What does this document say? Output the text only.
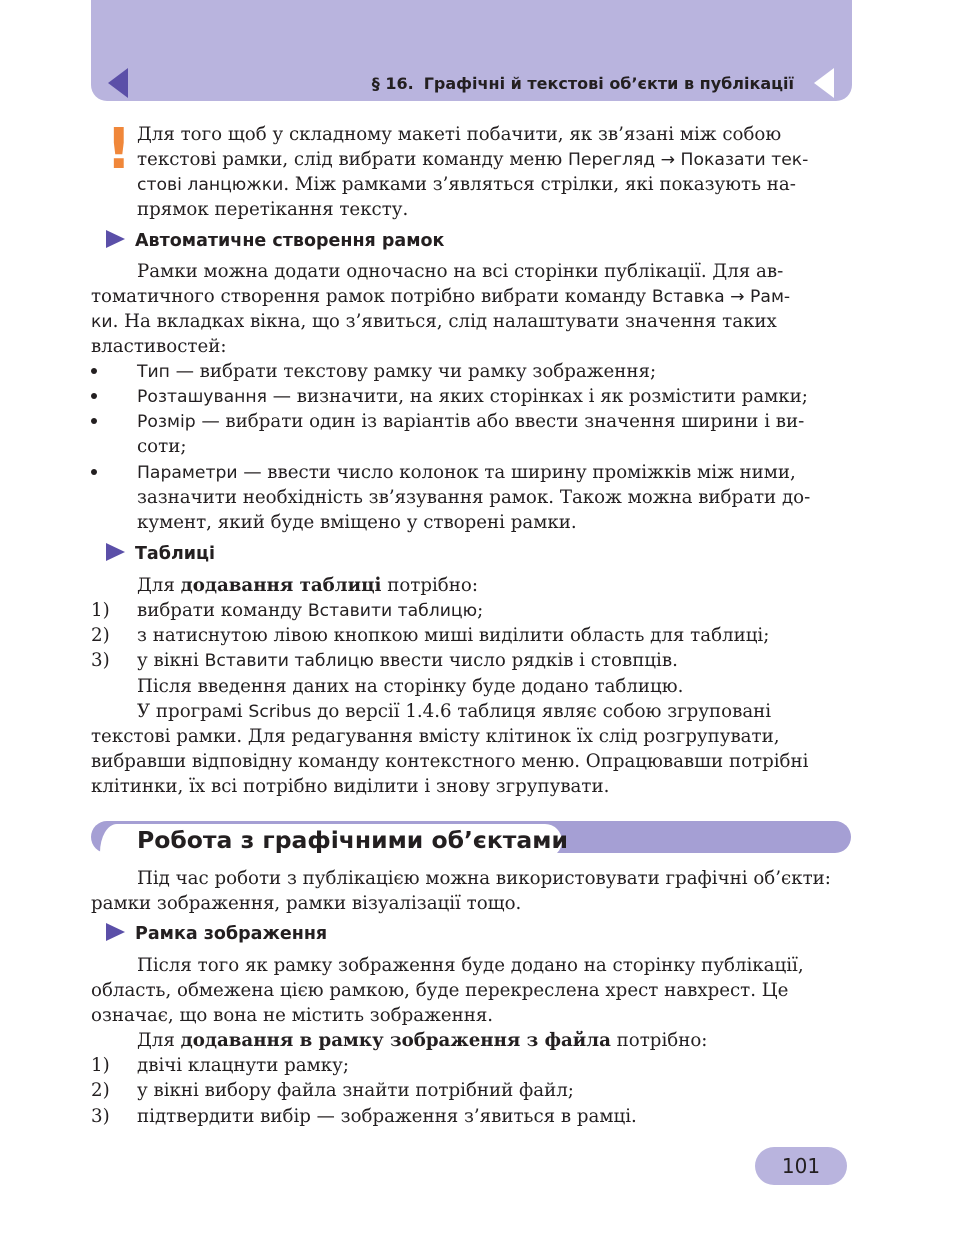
§ 16. Графічні й текстові об’єкти в публікації
! Для того щоб у складному макеті побачити, як зв’язані між собою
текстові рамки, слід вибрати команду меню Перегляд → Показати тек-
стові ланцюжки. Між рамками з’являться стрілки, які показують на-
прямок перетікання тексту.
Автоматичне створення рамок
Рамки можна додати одночасно на всі сторінки публікації. Для ав-
томатичного створення рамок потрібно вибрати команду Вставка → Рам-
ки. На вкладках вікна, що з’явиться, слід налаштувати значення таких
властивостей:
Тип — вибрати текстову рамку чи рамку зображення;
Розташування — визначити, на яких сторінках і як розмістити рамки;
Розмір — вибрати один із варіантів або ввести значення ширини і ви-
соти;
Параметри — ввести число колонок та ширину проміжків між ними,
зазначити необхідність зв’язування рамок. Також можна вибрати до-
кумент, який буде вміщено у створені рамки.
Таблиці
Для додавання таблиці потрібно:
1) вибрати команду Вставити таблицю;
2) з натиснутою лівою кнопкою миші виділити область для таблиці;
3) у вікні Вставити таблицю ввести число рядків і стовпців.
Після введення даних на сторінку буде додано таблицю.
У програмі Scribus до версії 1.4.6 таблиця являє собою згруповані
текстові рамки. Для редагування вмісту клітинок їх слід розгрупувати,
вибравши відповідну команду контекстного меню. Опрацювавши потрібні
клітинки, їх всі потрібно виділити і знову згрупувати.
Робота з графічними об’єктами
Під час роботи з публікацією можна використовувати графічні об’єкти:
рамки зображення, рамки візуалізації тощо.
Рамка зображення
Після того як рамку зображення буде додано на сторінку публікації,
область, обмежена цією рамкою, буде перекреслена хрест навхрест. Це
означає, що вона не містить зображення.
Для додавання в рамку зображення з файла потрібно:
1) двічі клацнути рамку;
2) у вікні вибору файла знайти потрібний файл;
3) підтвердити вибір — зображення з’явиться в рамці.
101
